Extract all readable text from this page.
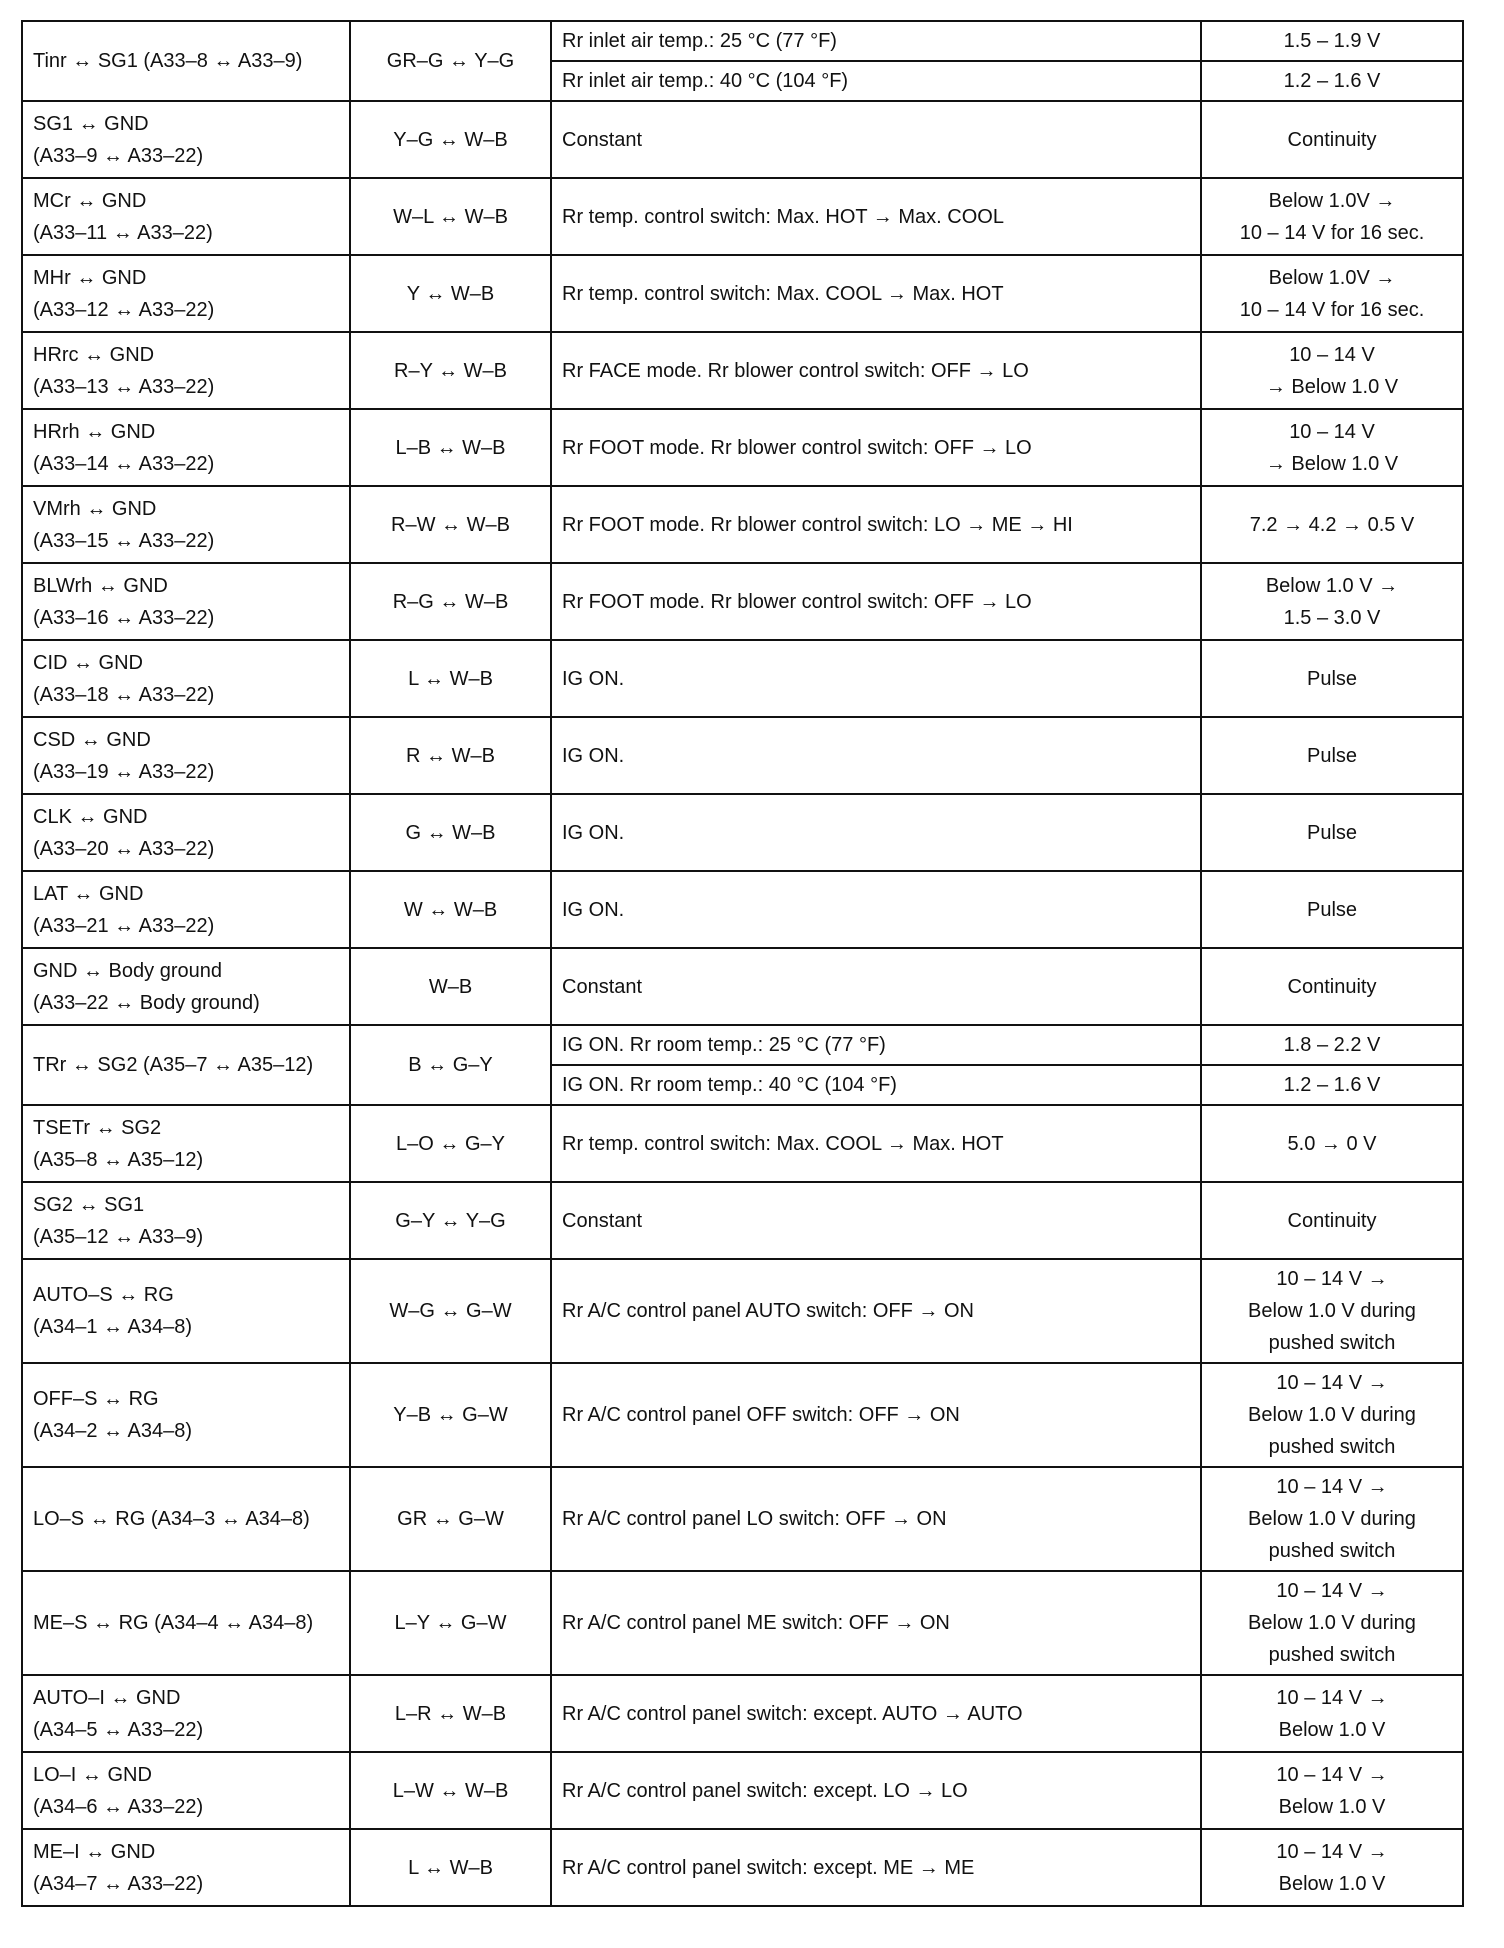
Tinr ↔ SG1 (A33–8 ↔ A33–9)	GR–G ↔ Y–G	Rr inlet air temp.: 25 °C (77 °F)	1.5 – 1.9 V
		Rr inlet air temp.: 40 °C (104 °F)	1.2 – 1.6 V
SG1 ↔ GND
(A33–9 ↔ A33–22)	Y–G ↔ W–B	Constant	Continuity
MCr ↔ GND
(A33–11 ↔ A33–22)	W–L ↔ W–B	Rr temp. control switch: Max. HOT → Max. COOL	Below 1.0V →
10 – 14 V for 16 sec.
MHr ↔ GND
(A33–12 ↔ A33–22)	Y ↔ W–B	Rr temp. control switch: Max. COOL → Max. HOT	Below 1.0V →
10 – 14 V for 16 sec.
HRrc ↔ GND
(A33–13 ↔ A33–22)	R–Y ↔ W–B	Rr FACE mode. Rr blower control switch: OFF → LO	10 – 14 V
→ Below 1.0 V
HRrh ↔ GND
(A33–14 ↔ A33–22)	L–B ↔ W–B	Rr FOOT mode. Rr blower control switch: OFF → LO	10 – 14 V
→ Below 1.0 V
VMrh ↔ GND
(A33–15 ↔ A33–22)	R–W ↔ W–B	Rr FOOT mode. Rr blower control switch: LO → ME → HI	7.2 → 4.2 → 0.5 V
BLWrh ↔ GND
(A33–16 ↔ A33–22)	R–G ↔ W–B	Rr FOOT mode. Rr blower control switch: OFF → LO	Below 1.0 V →
1.5 – 3.0 V
CID ↔ GND
(A33–18 ↔ A33–22)	L ↔ W–B	IG ON.	Pulse
CSD ↔ GND
(A33–19 ↔ A33–22)	R ↔ W–B	IG ON.	Pulse
CLK ↔ GND
(A33–20 ↔ A33–22)	G ↔ W–B	IG ON.	Pulse
LAT ↔ GND
(A33–21 ↔ A33–22)	W ↔ W–B	IG ON.	Pulse
GND ↔ Body ground
(A33–22 ↔ Body ground)	W–B	Constant	Continuity
TRr ↔ SG2 (A35–7 ↔ A35–12)	B ↔ G–Y	IG ON. Rr room temp.: 25 °C (77 °F)	1.8 – 2.2 V
		IG ON. Rr room temp.: 40 °C (104 °F)	1.2 – 1.6 V
TSETr ↔ SG2
(A35–8 ↔ A35–12)	L–O ↔ G–Y	Rr temp. control switch: Max. COOL → Max. HOT	5.0 → 0 V
SG2 ↔ SG1
(A35–12 ↔ A33–9)	G–Y ↔ Y–G	Constant	Continuity
AUTO–S ↔ RG
(A34–1 ↔ A34–8)	W–G ↔ G–W	Rr A/C control panel AUTO switch: OFF → ON	10 – 14 V →
Below 1.0 V during
pushed switch
OFF–S ↔ RG
(A34–2 ↔ A34–8)	Y–B ↔ G–W	Rr A/C control panel OFF switch: OFF → ON	10 – 14 V →
Below 1.0 V during
pushed switch
LO–S ↔ RG (A34–3 ↔ A34–8)	GR ↔ G–W	Rr A/C control panel LO switch: OFF → ON	10 – 14 V →
Below 1.0 V during
pushed switch
ME–S ↔ RG (A34–4 ↔ A34–8)	L–Y ↔ G–W	Rr A/C control panel ME switch: OFF → ON	10 – 14 V →
Below 1.0 V during
pushed switch
AUTO–I ↔ GND
(A34–5 ↔ A33–22)	L–R ↔ W–B	Rr A/C control panel switch: except. AUTO → AUTO	10 – 14 V →
Below 1.0 V
LO–I ↔ GND
(A34–6 ↔ A33–22)	L–W ↔ W–B	Rr A/C control panel switch: except. LO → LO	10 – 14 V →
Below 1.0 V
ME–I ↔ GND
(A34–7 ↔ A33–22)	L ↔ W–B	Rr A/C control panel switch: except. ME → ME	10 – 14 V →
Below 1.0 V
